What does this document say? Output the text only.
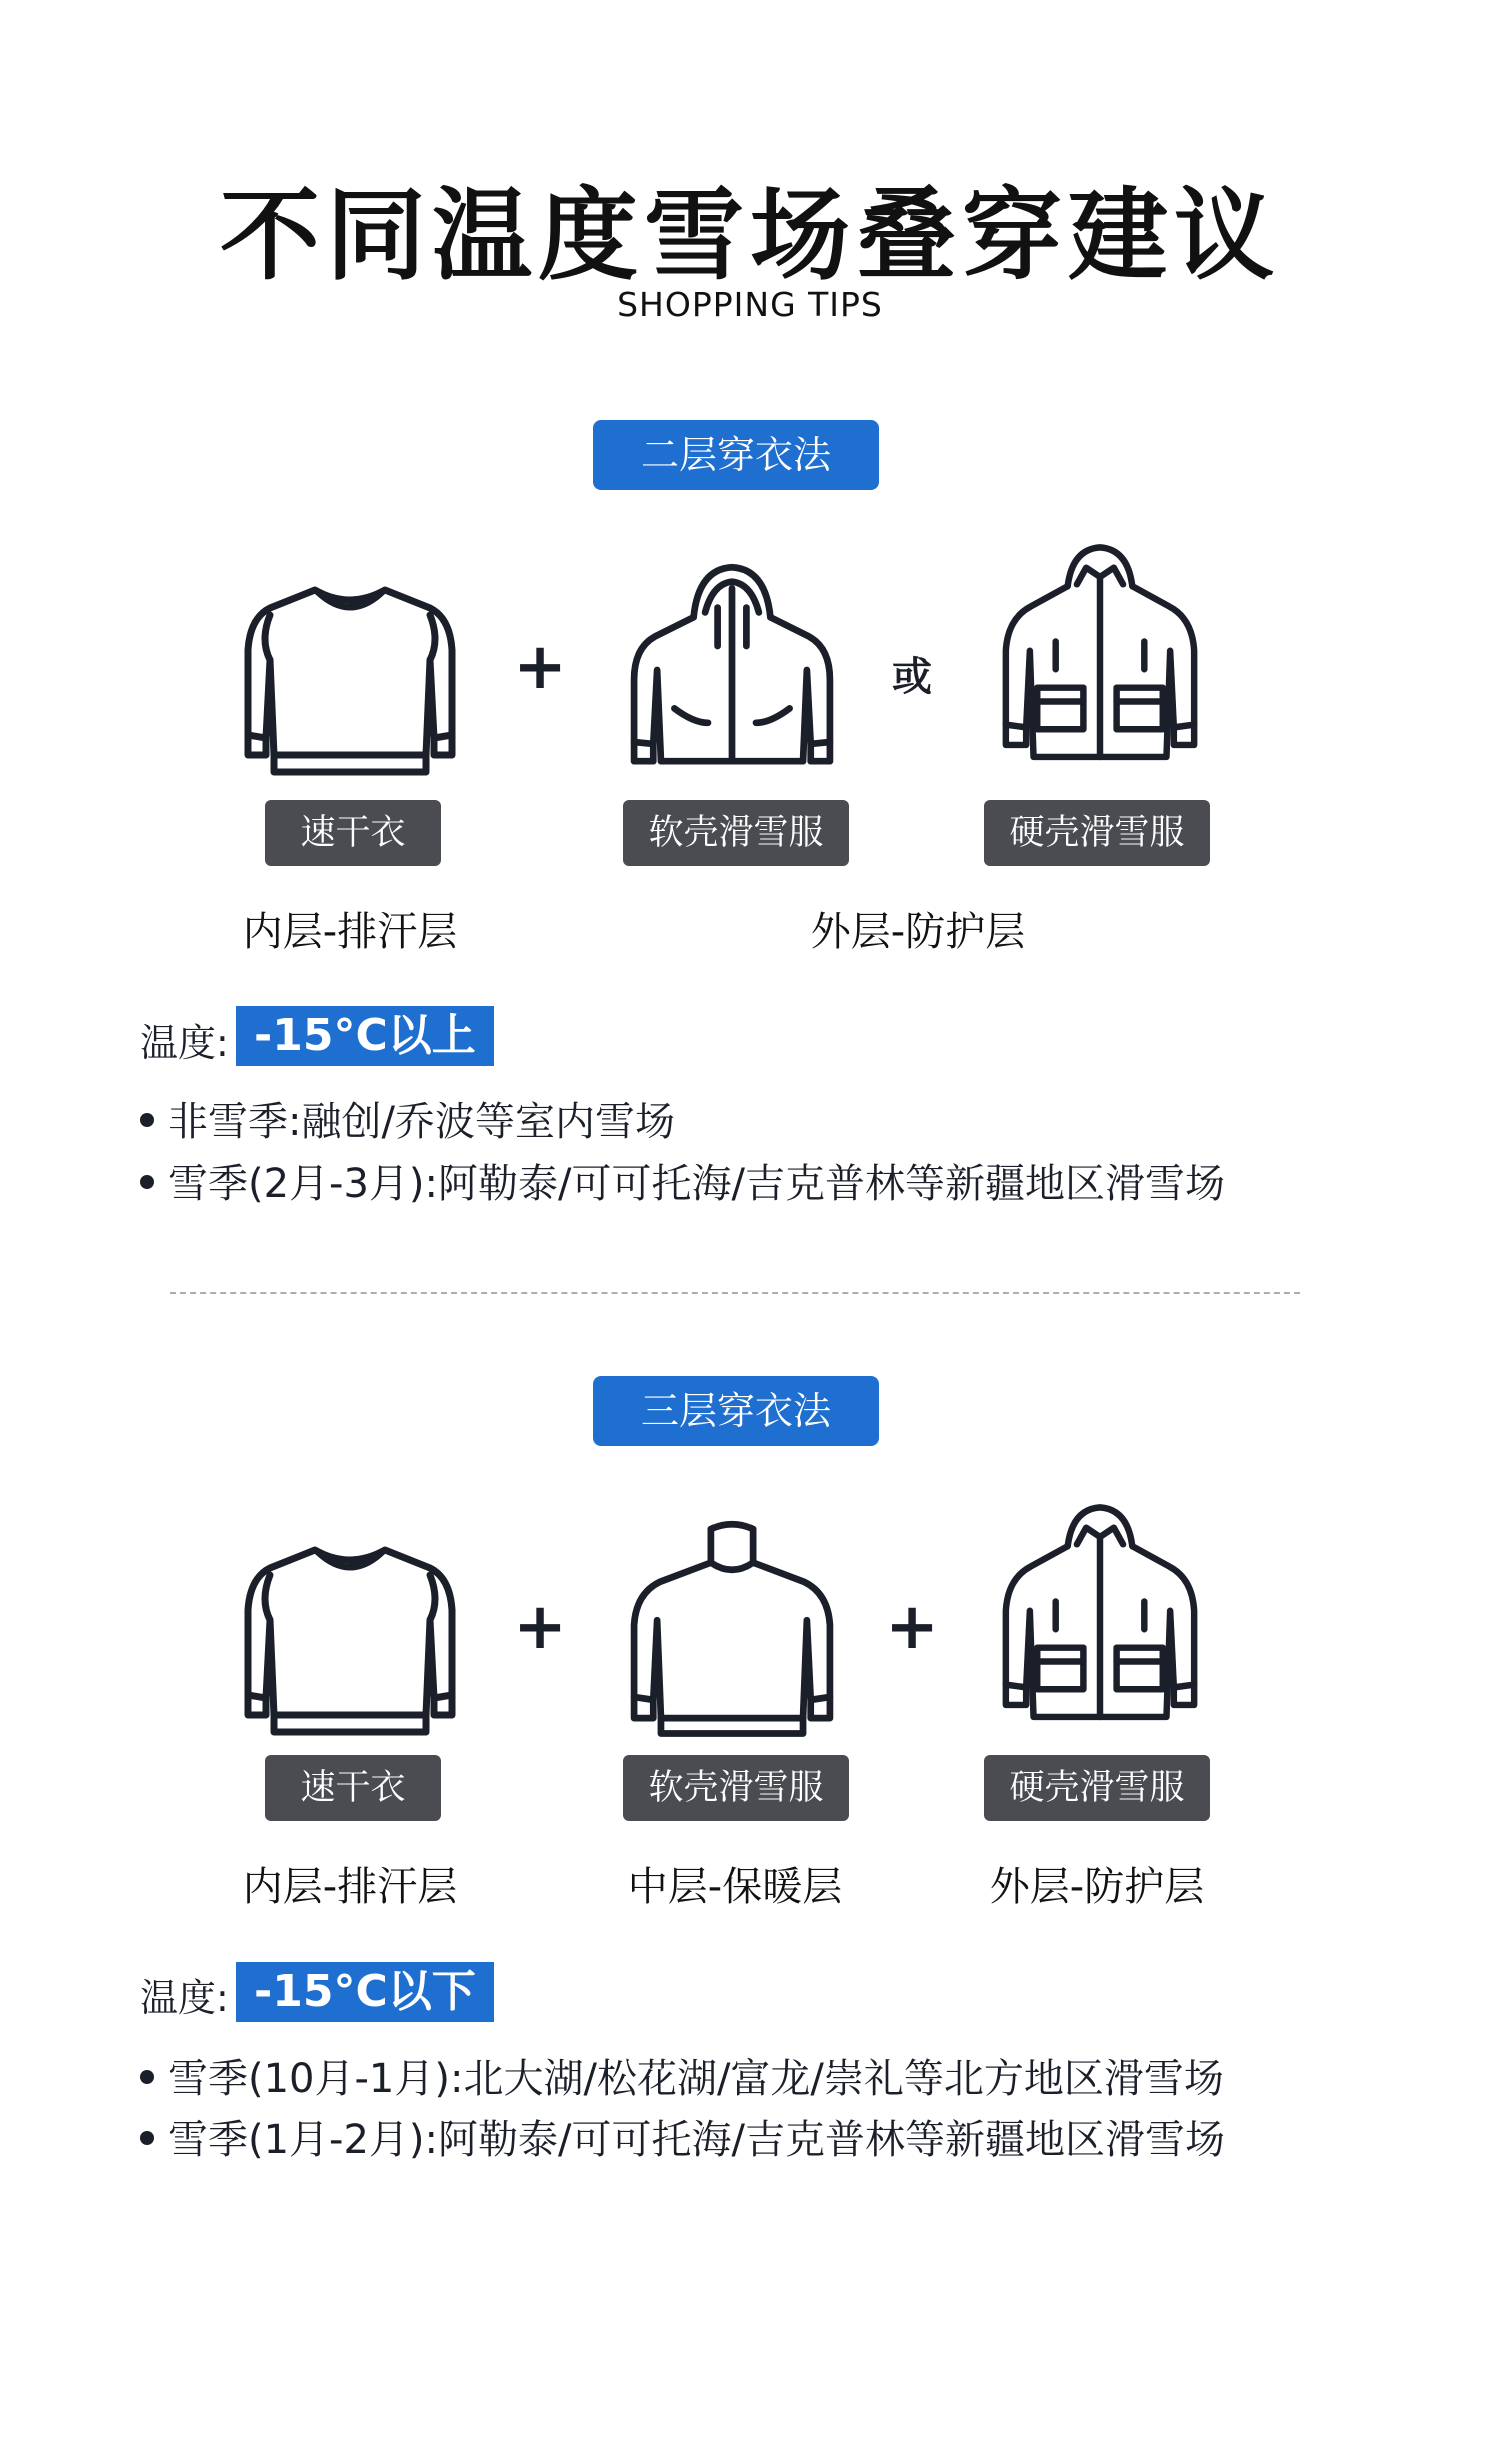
不同温度雪场叠穿建议
SHOPPING TIPS
二层穿衣法
+	或
速干衣	软壳滑雪服	硬壳滑雪服
内层-排汗层	外层-防护层
温度: -15°C以上
非雪季:融创/乔波等室内雪场
雪季(2月-3月):阿勒泰/可可托海/吉克普林等新疆地区滑雪场
三层穿衣法
+	+
速干衣	软壳滑雪服	硬壳滑雪服
内层-排汗层	中层-保暖层	外层-防护层
温度: -15°C以下
雪季(10月-1月):北大湖/松花湖/富龙/崇礼等北方地区滑雪场
雪季(1月-2月):阿勒泰/可可托海/吉克普林等新疆地区滑雪场
